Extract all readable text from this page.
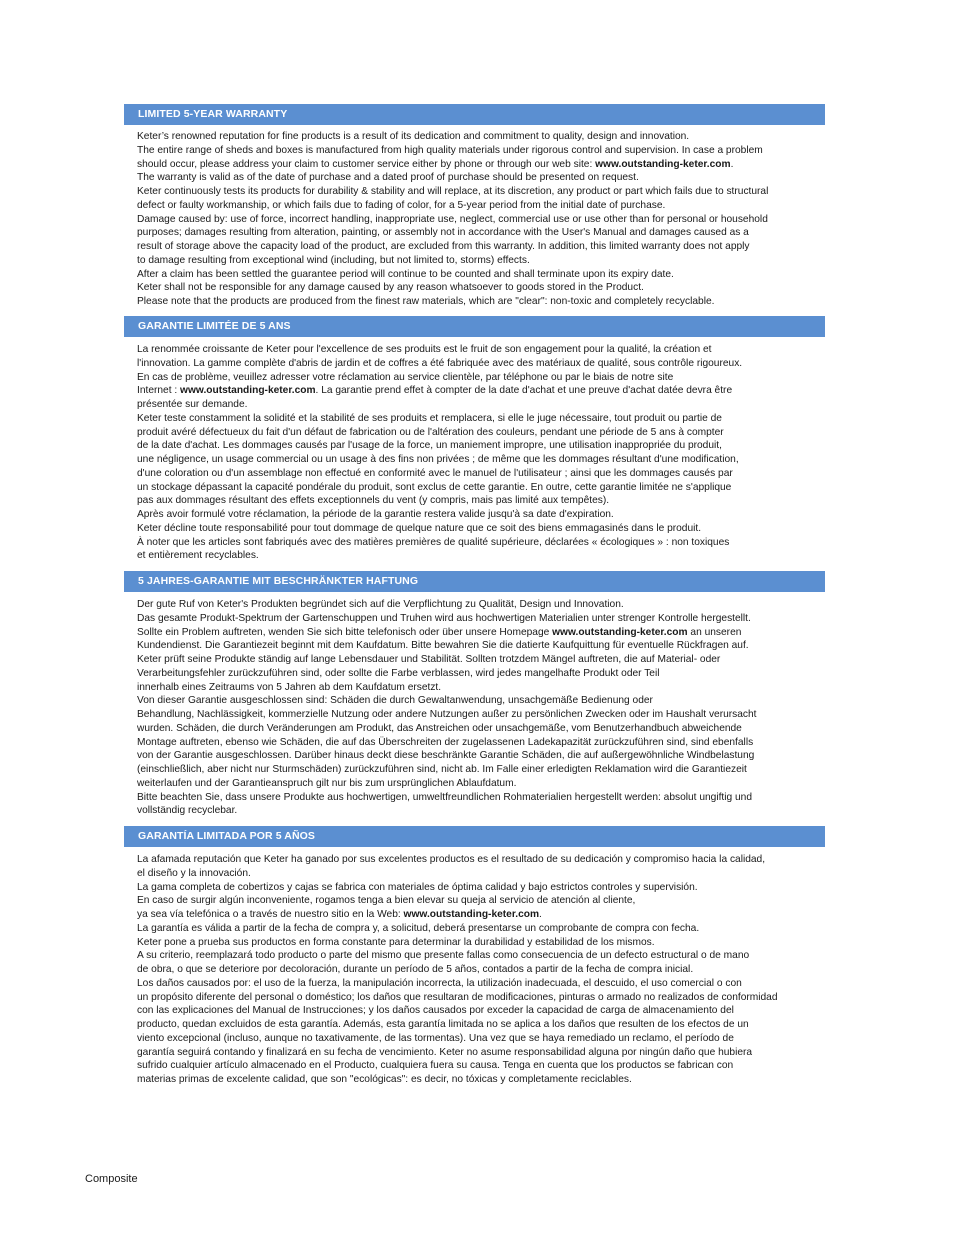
LIMITED 5-YEAR WARRANTY
Keter’s renowned reputation for fine products is a result of its dedication and commitment to quality, design and innovation.
The entire range of sheds and boxes is manufactured from high quality materials under rigorous control and supervision. In case a problem
should occur, please address your claim to customer service either by phone or through our web site: www.outstanding-keter.com.
The warranty is valid as of the date of purchase and a dated proof of purchase should be presented on request.
Keter continuously tests its products for durability & stability and will replace, at its discretion, any product or part which fails due to structural
defect or faulty workmanship, or which fails due to fading of color, for a 5-year period from the initial date of purchase.
Damage caused by: use of force, incorrect handling, inappropriate use, neglect, commercial use or use other than for personal or household
purposes; damages resulting from alteration, painting, or assembly not in accordance with the User's Manual and damages caused as a
result of storage above the capacity load of the product, are excluded from this warranty. In addition, this limited warranty does not apply
to damage resulting from exceptional wind (including, but not limited to, storms) effects.
After a claim has been settled the guarantee period will continue to be counted and shall terminate upon its expiry date.
Keter shall not be responsible for any damage caused by any reason whatsoever to goods stored in the Product.
Please note that the products are produced from the finest raw materials, which are "clear": non-toxic and completely recyclable.
GARANTIE LIMITÉE DE 5 ANS
La renommée croissante de Keter pour l'excellence de ses produits est le fruit de son engagement pour la qualité, la création et
l'innovation. La gamme complète d'abris de jardin et de coffres a été fabriquée avec des matériaux de qualité, sous contrôle rigoureux.
En cas de problème, veuillez adresser votre réclamation au service clientèle, par téléphone ou par le biais de notre site
Internet : www.outstanding-keter.com. La garantie prend effet à compter de la date d'achat et une preuve d'achat datée devra être
présentée sur demande.
Keter teste constamment la solidité et la stabilité de ses produits et remplacera, si elle le juge nécessaire, tout produit ou partie de
produit avéré défectueux du fait d'un défaut de fabrication ou de l'altération des couleurs, pendant une période de 5 ans à compter
de la date d'achat. Les dommages causés par l'usage de la force, un maniement impropre, une utilisation inappropriée du produit,
une négligence, un usage commercial ou un usage à des fins non privées ; de même que les dommages résultant d'une modification,
d'une coloration ou d'un assemblage non effectué en conformité avec le manuel de l'utilisateur ; ainsi que les dommages causés par
un stockage dépassant la capacité pondérale du produit, sont exclus de cette garantie. En outre, cette garantie limitée ne s'applique
pas aux dommages résultant des effets exceptionnels du vent (y compris, mais pas limité aux tempêtes).
Après avoir formulé votre réclamation, la période de la garantie restera valide jusqu'à sa date d'expiration.
Keter décline toute responsabilité pour tout dommage de quelque nature que ce soit des biens emmagasinés dans le produit.
À noter que les articles sont fabriqués avec des matières premières de qualité supérieure, déclarées « écologiques » : non toxiques
et entièrement recyclables.
5 JAHRES-GARANTIE MIT BESCHRÄNKTER HAFTUNG
Der gute Ruf von Keter's Produkten begründet sich auf die Verpflichtung zu Qualität, Design und Innovation.
Das gesamte Produkt-Spektrum der Gartenschuppen und Truhen wird aus hochwertigen Materialien unter strenger Kontrolle hergestellt.
Sollte ein Problem auftreten, wenden Sie sich bitte telefonisch oder über unsere Homepage www.outstanding-keter.com an unseren
Kundendienst. Die Garantiezeit beginnt mit dem Kaufdatum. Bitte bewahren Sie die datierte Kaufquittung für eventuelle Rückfragen auf.
Keter prüft seine Produkte ständig auf lange Lebensdauer und Stabilität. Sollten trotzdem Mängel auftreten, die auf Material- oder
Verarbeitungsfehler zurückzuführen sind, oder sollte die Farbe verblassen, wird jedes mangelhafte Produkt oder Teil
innerhalb eines Zeitraums von 5 Jahren ab dem Kaufdatum ersetzt.
Von dieser Garantie ausgeschlossen sind: Schäden die durch Gewaltanwendung, unsachgemäße Bedienung oder
Behandlung, Nachlässigkeit, kommerzielle Nutzung oder andere Nutzungen außer zu persönlichen Zwecken oder im Haushalt verursacht
wurden. Schäden, die durch Veränderungen am Produkt, das Anstreichen oder unsachgemäße, vom Benutzerhandbuch abweichende
Montage auftreten, ebenso wie Schäden, die auf das Überschreiten der zugelassenen Ladekapazität zurückzuführen sind, sind ebenfalls
von der Garantie ausgeschlossen. Darüber hinaus deckt diese beschränkte Garantie Schäden, die auf außergewöhnliche Windbelastung
(einschließlich, aber nicht nur Sturmschäden) zurückzuführen sind, nicht ab. Im Falle einer erledigten Reklamation wird die Garantiezeit
weiterlaufen und der Garantieanspruch gilt nur bis zum ursprünglichen Ablaufdatum.
Bitte beachten Sie, dass unsere Produkte aus hochwertigen, umweltfreundlichen Rohmaterialien hergestellt werden: absolut ungiftig und
vollständig recyclebar.
GARANTÍA LIMITADA POR 5 AÑOS
La afamada reputación que Keter ha ganado por sus excelentes productos es el resultado de su dedicación y compromiso hacia la calidad,
el diseño y la innovación.
La gama completa de cobertizos y cajas se fabrica con materiales de óptima calidad y bajo estrictos controles y supervisión.
En caso de surgir algún inconveniente, rogamos tenga a bien elevar su queja al servicio de atención al cliente,
ya sea vía telefónica o a través de nuestro sitio en la Web: www.outstanding-keter.com.
La garantía es válida a partir de la fecha de compra y, a solicitud, deberá presentarse un comprobante de compra con fecha.
Keter pone a prueba sus productos en forma constante para determinar la durabilidad y estabilidad de los mismos.
A su criterio, reemplazará todo producto o parte del mismo que presente fallas como consecuencia de un defecto estructural o de mano
de obra, o que se deteriore por decoloración, durante un período de 5 años, contados a partir de la fecha de compra inicial.
Los daños causados por: el uso de la fuerza, la manipulación incorrecta, la utilización inadecuada, el descuido, el uso comercial o con
un propósito diferente del personal o doméstico; los daños que resultaran de modificaciones, pinturas o armado no realizados de conformidad
con las explicaciones del Manual de Instrucciones; y los daños causados por exceder la capacidad de carga de almacenamiento del
producto, quedan excluidos de esta garantía. Además, esta garantía limitada no se aplica a los daños que resulten de los efectos de un
viento excepcional (incluso, aunque no taxativamente, de las tormentas). Una vez que se haya remediado un reclamo, el período de
garantía seguirá contando y finalizará en su fecha de vencimiento. Keter no asume responsabilidad alguna por ningún daño que hubiera
sufrido cualquier artículo almacenado en el Producto, cualquiera fuera su causa. Tenga en cuenta que los productos se fabrican con
materias primas de excelente calidad, que son "ecológicas": es decir, no tóxicas y completamente reciclables.
Composite
